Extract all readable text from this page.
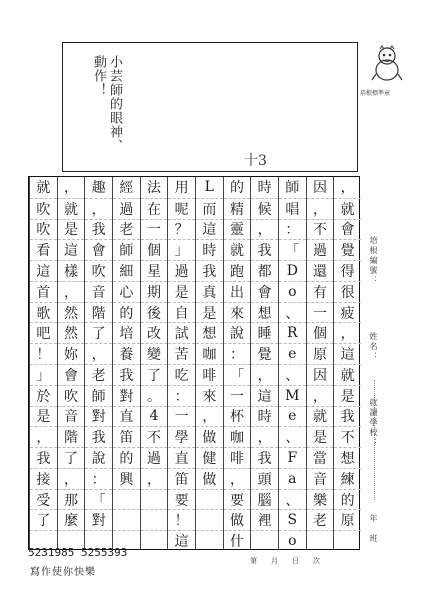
小芸師的眼神、動作！
十3
培根標準章
，
就
會
覺
得
很
疲
，
這
就
是
我
不
想
練
的
原
因
，
不
過
還
有
一
個
原
因
，
就
是
當
音
樂
老
師
唱
：
「
D
o
、
R
e
、
M
e
、
F
a
、
S
o
時
候
，
我
都
會
想
睡
覺
，
這
時
，
我
頭
腦
裡
的
精
靈
就
跑
出
來
說
：
「
一
杯
咖
啡
，
要
做
什
L
而
這
時
我
真
是
想
咖
啡
來
，
做
健
做
用
呢
？
」
過
是
自
試
苦
吃
：
一
學
直
笛
要
！
這
法
在
一
個
星
期
後
改
變
了
。
4
不
過
，
經
過
老
師
細
心
的
培
養
我
對
直
笛
的
興
趣
，
我
會
吹
音
階
了
，
老
師
對
我
說
：
「
對
，
就
是
這
樣
，
然
然
妳
會
吹
音
階
了
，
那
麼
就
吹
吹
看
這
首
歌
吧
！
」
於
是
，
我
接
受
了
培根編號：
姓名：
就讀學校：
年
班
5231985 5255393
寫作使你快樂
第　　月　　日　　次
